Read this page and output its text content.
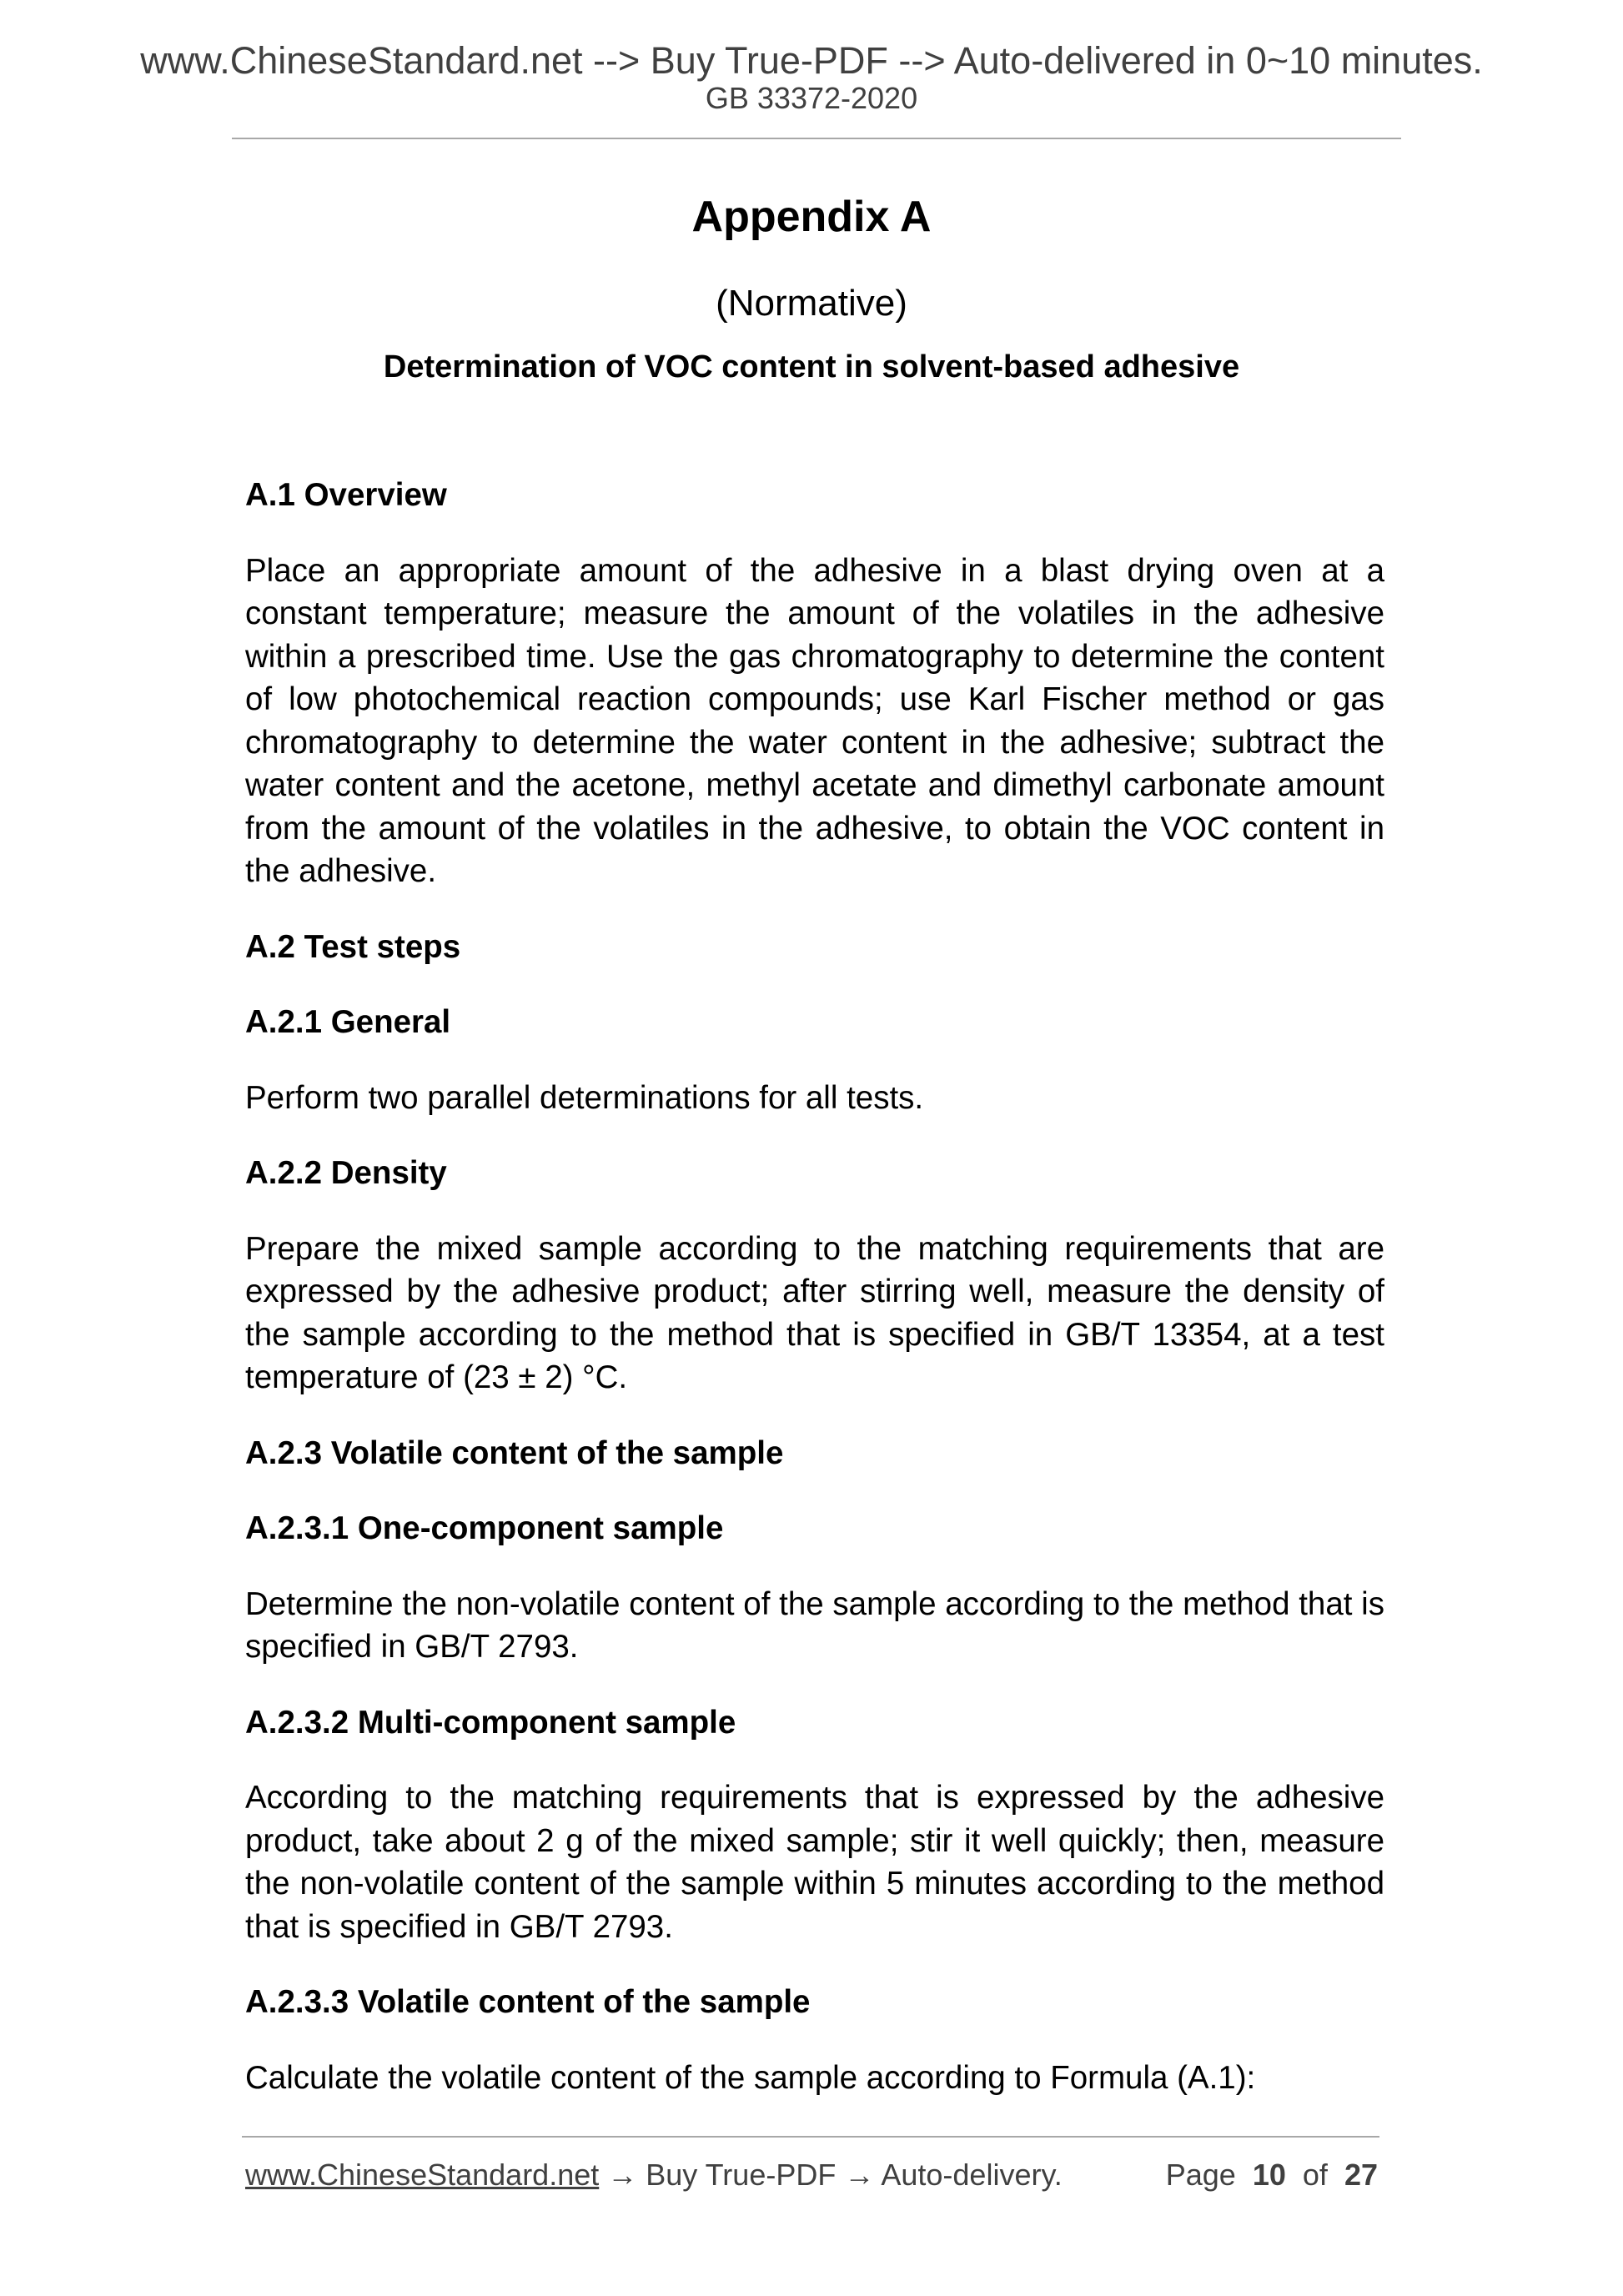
www.ChineseStandard.net --> Buy True-PDF --> Auto-delivered in 0~10 minutes.
GB 33372-2020
Appendix A
(Normative)
Determination of VOC content in solvent-based adhesive
A.1 Overview

Place an appropriate amount of the adhesive in a blast drying oven at a constant temperature; measure the amount of the volatiles in the adhesive within a prescribed time. Use the gas chromatography to determine the content of low photochemical reaction compounds; use Karl Fischer method or gas chromatography to determine the water content in the adhesive; subtract the water content and the acetone, methyl acetate and dimethyl carbonate amount from the amount of the volatiles in the adhesive, to obtain the VOC content in the adhesive.

A.2 Test steps
A.2.1 General

Perform two parallel determinations for all tests.

A.2.2 Density

Prepare the mixed sample according to the matching requirements that are expressed by the adhesive product; after stirring well, measure the density of the sample according to the method that is specified in GB/T 13354, at a test temperature of (23 ± 2) °C.

A.2.3 Volatile content of the sample
A.2.3.1 One-component sample

Determine the non-volatile content of the sample according to the method that is specified in GB/T 2793.

A.2.3.2 Multi-component sample

According to the matching requirements that is expressed by the adhesive product, take about 2 g of the mixed sample; stir it well quickly; then, measure the non-volatile content of the sample within 5 minutes according to the method that is specified in GB/T 2793.

A.2.3.3 Volatile content of the sample

Calculate the volatile content of the sample according to Formula (A.1):

www.ChineseStandard.net → Buy True-PDF → Auto-delivery.	Page 10 of 27
